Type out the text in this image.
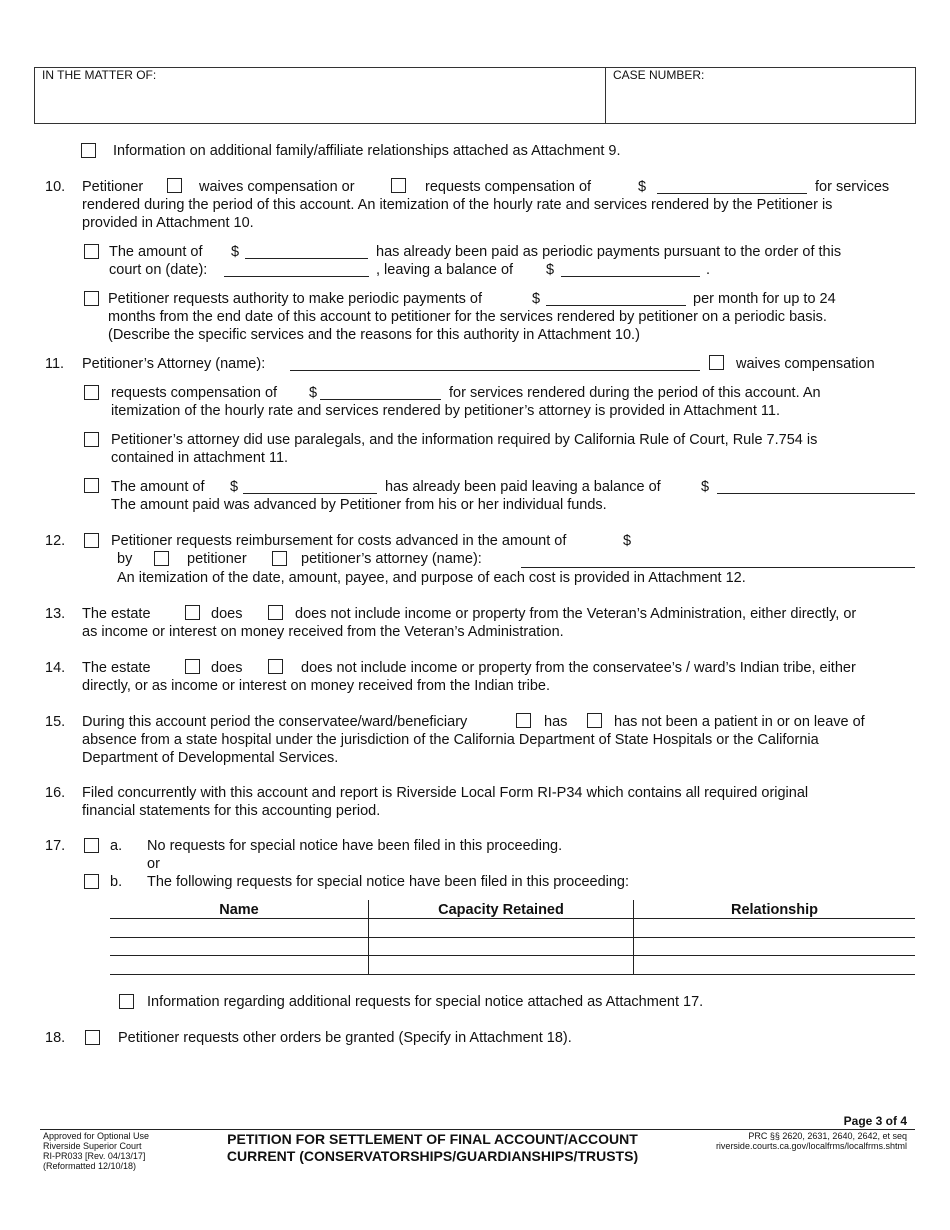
IN THE MATTER OF:	CASE NUMBER:
Information on additional family/affiliate relationships attached as Attachment 9.
10. Petitioner	waives compensation or	requests compensation of	$	for services
rendered during the period of this account. An itemization of the hourly rate and services rendered by the Petitioner is
provided in Attachment 10.
The amount of $	has already been paid as periodic payments pursuant to the order of this
court on (date):	, leaving a balance of $	.
Petitioner requests authority to make periodic payments of	$	per month for up to 24
months from the end date of this account to petitioner for the services rendered by petitioner on a periodic basis.
(Describe the specific services and the reasons for this authority in Attachment 10.)
11. Petitioner’s Attorney (name):	waives compensation
requests compensation of $	for services rendered during the period of this account. An
itemization of the hourly rate and services rendered by petitioner’s attorney is provided in Attachment 11.
Petitioner’s attorney did use paralegals, and the information required by California Rule of Court, Rule 7.754 is
contained in attachment 11.
The amount of $	has already been paid leaving a balance of	$
The amount paid was advanced by Petitioner from his or her individual funds.
12.	Petitioner requests reimbursement for costs advanced in the amount of	$
by	petitioner	petitioner’s attorney (name):
An itemization of the date, amount, payee, and purpose of each cost is provided in Attachment 12.
13. The estate	does	does not include income or property from the Veteran’s Administration, either directly, or
as income or interest on money received from the Veteran’s Administration.
14. The estate	does	does not include income or property from the conservatee’s / ward’s Indian tribe, either
directly, or as income or interest on money received from the Indian tribe.
15. During this account period the conservatee/ward/beneficiary	has	has not been a patient in or on leave of
absence from a state hospital under the jurisdiction of the California Department of State Hospitals or the California
Department of Developmental Services.
16. Filed concurrently with this account and report is Riverside Local Form RI-P34 which contains all required original
financial statements for this accounting period.
17.	a. No requests for special notice have been filed in this proceeding.
or
b. The following requests for special notice have been filed in this proceeding:
Name	Capacity Retained	Relationship
Information regarding additional requests for special notice attached as Attachment 17.
18.	Petitioner requests other orders be granted (Specify in Attachment 18).
Page 3 of 4
Approved for Optional Use
Riverside Superior Court
RI-PR033 [Rev. 04/13/17]
(Reformatted 12/10/18)
PETITION FOR SETTLEMENT OF FINAL ACCOUNT/ACCOUNT
CURRENT (CONSERVATORSHIPS/GUARDIANSHIPS/TRUSTS)
PRC §§ 2620, 2631, 2640, 2642, et seq
riverside.courts.ca.gov/localfrms/localfrms.shtml
